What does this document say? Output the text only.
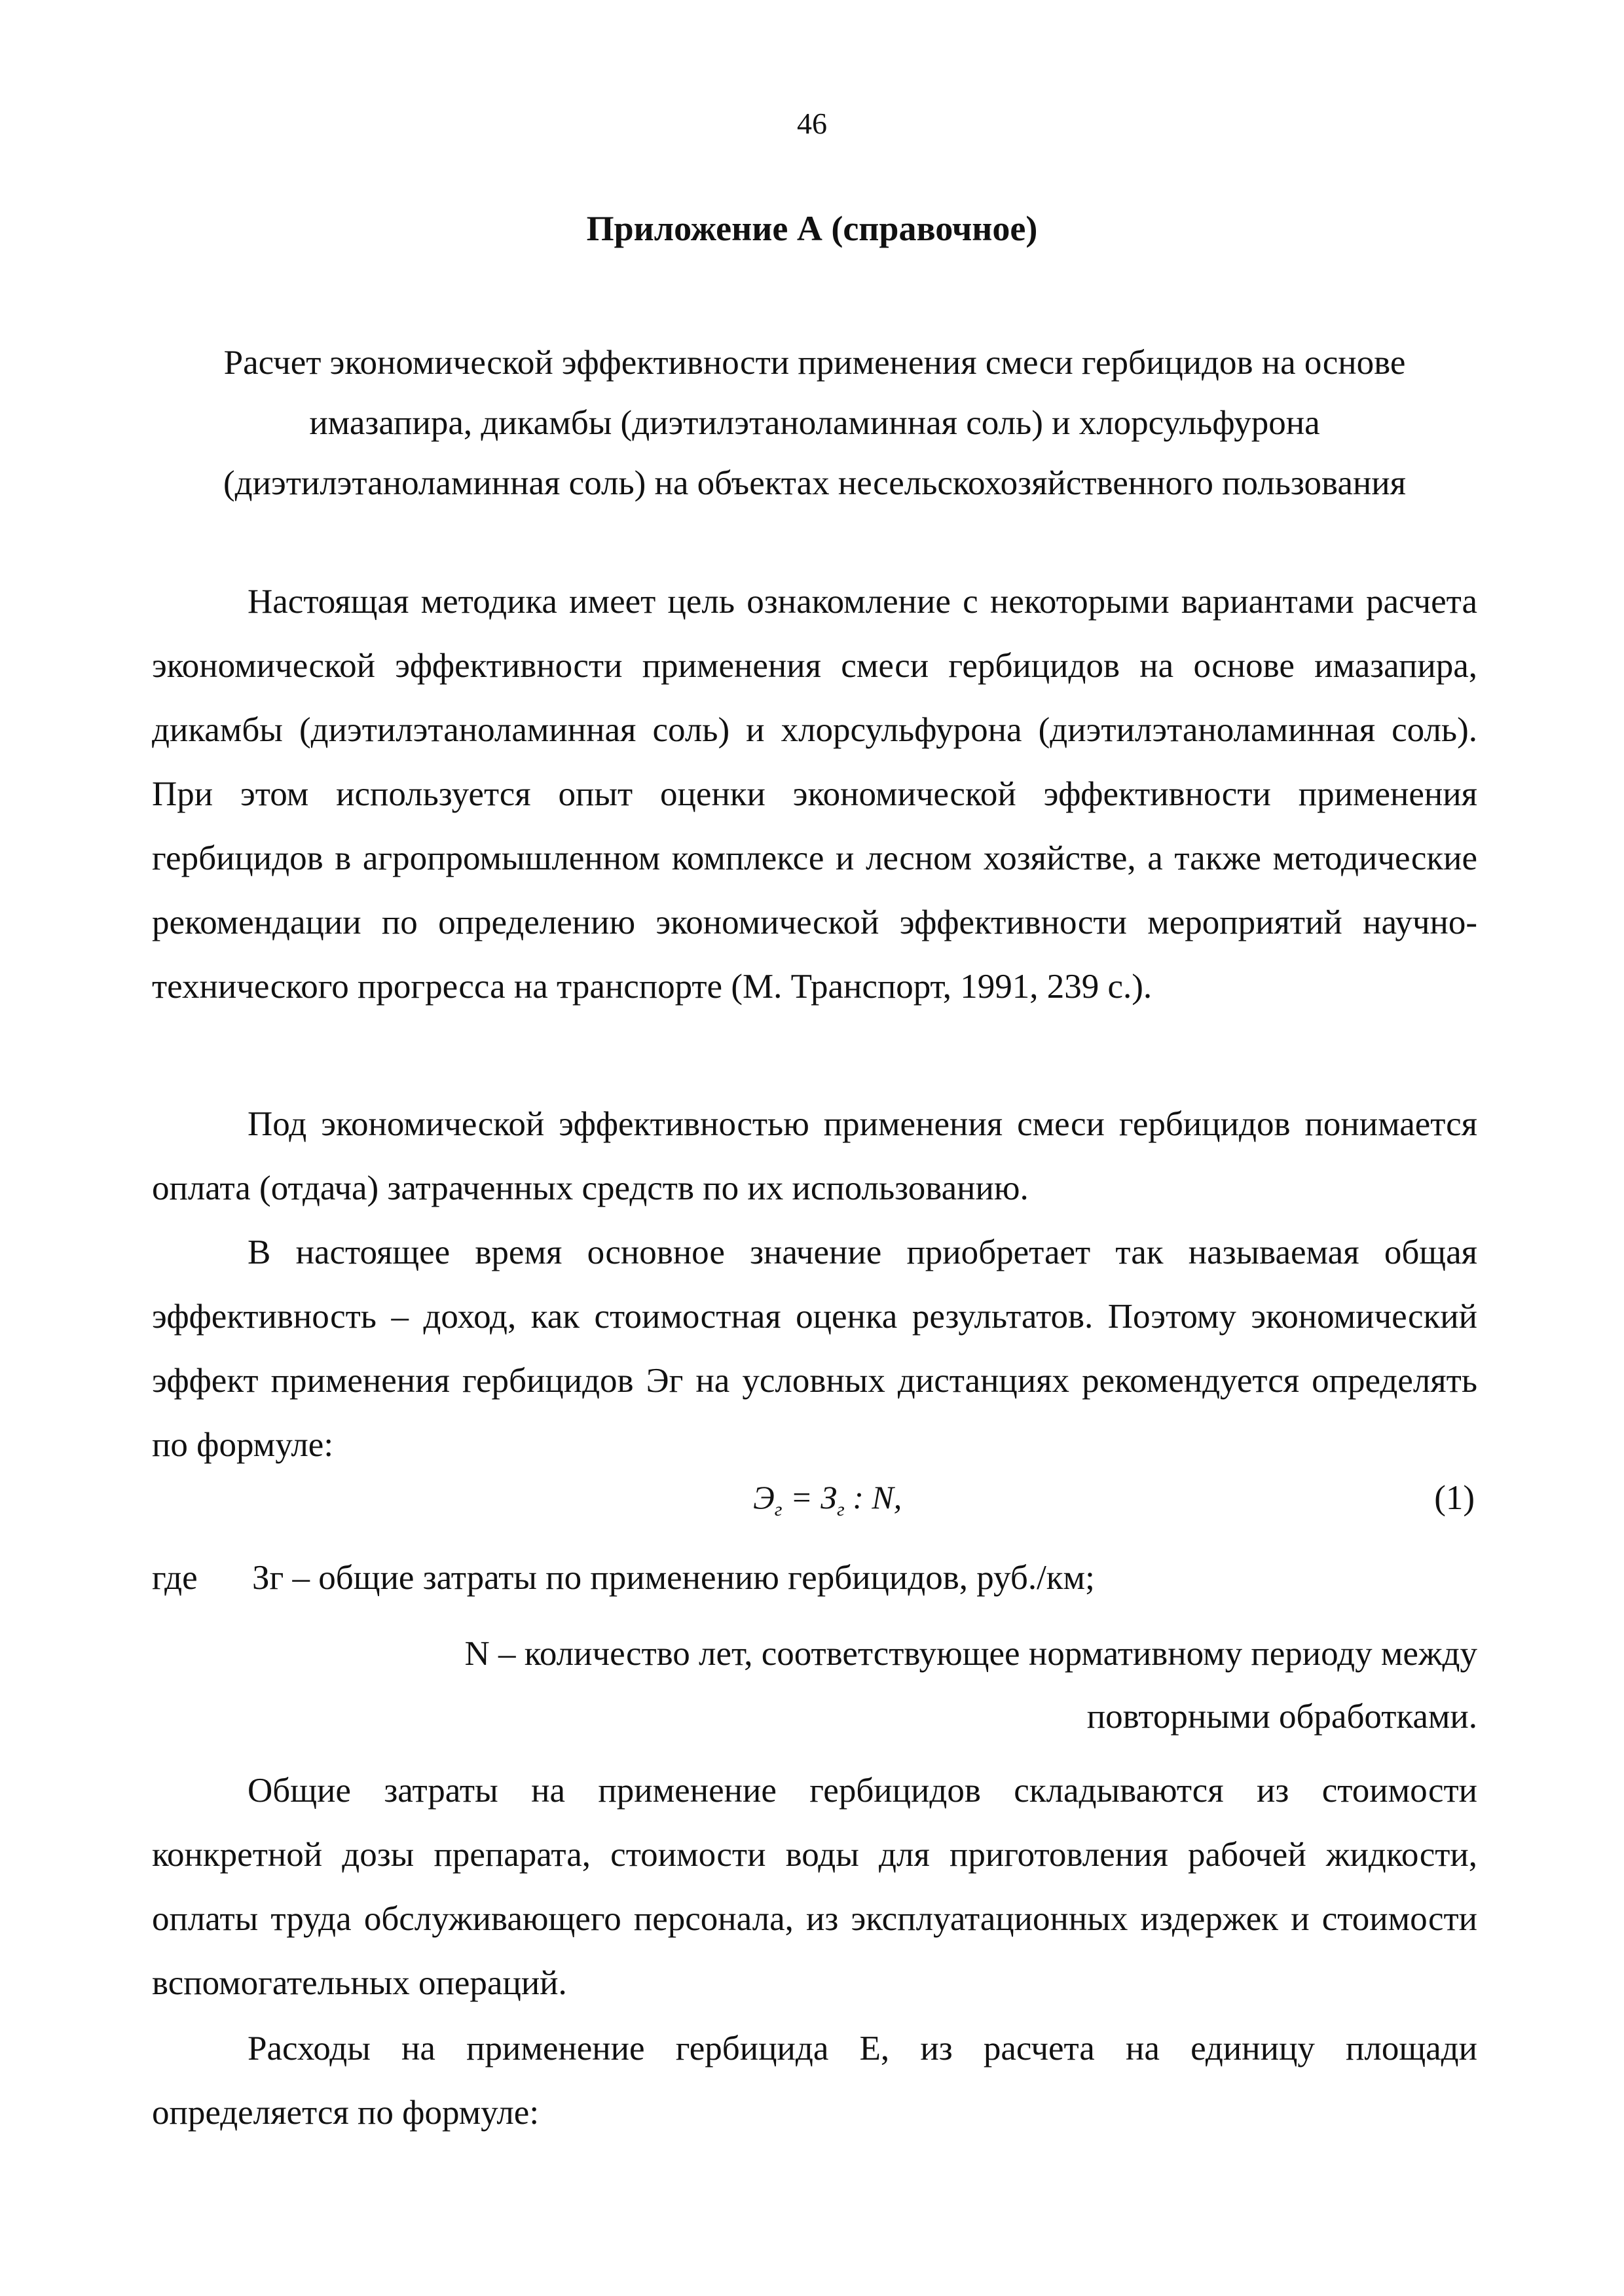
46
Приложение А (справочное)
Расчет экономической эффективности применения смеси гербицидов на основе
имазапира, дикамбы (диэтилэтаноламинная соль) и хлорсульфурона
(диэтилэтаноламинная соль) на объектах несельскохозяйственного пользования

Настоящая методика имеет цель ознакомление с некоторыми вариантами расчета экономической эффективности применения смеси гербицидов на основе имазапира, дикамбы (диэтилэтаноламинная соль) и хлорсульфурона (диэтилэтаноламинная соль). При этом используется опыт оценки экономической эффективности применения гербицидов в агропромышленном комплексе и лесном хозяйстве, а также методические рекомендации по определению экономической эффективности мероприятий научно-технического прогресса на транспорте (М. Транспорт, 1991, 239 с.).

Под экономической эффективностью применения смеси гербицидов понимается оплата (отдача) затраченных средств по их использованию.

В настоящее время основное значение приобретает так называемая общая эффективность – доход, как стоимостная оценка результатов. Поэтому экономический эффект применения гербицидов Эг на условных дистанциях рекомендуется определять по формуле:

$Э_г = З_г$ : N,	(1)
где Зг – общие затраты по применению гербицидов, руб./км;
N – количество лет, соответствующее нормативному периоду между повторными обработками.

Общие затраты на применение гербицидов складываются из стоимости конкретной дозы препарата, стоимости воды для приготовления рабочей жидкости, оплаты труда обслуживающего персонала, из эксплуатационных издержек и стоимости вспомогательных операций.

Расходы на применение гербицида Е, из расчета на единицу площади определяется по формуле:
